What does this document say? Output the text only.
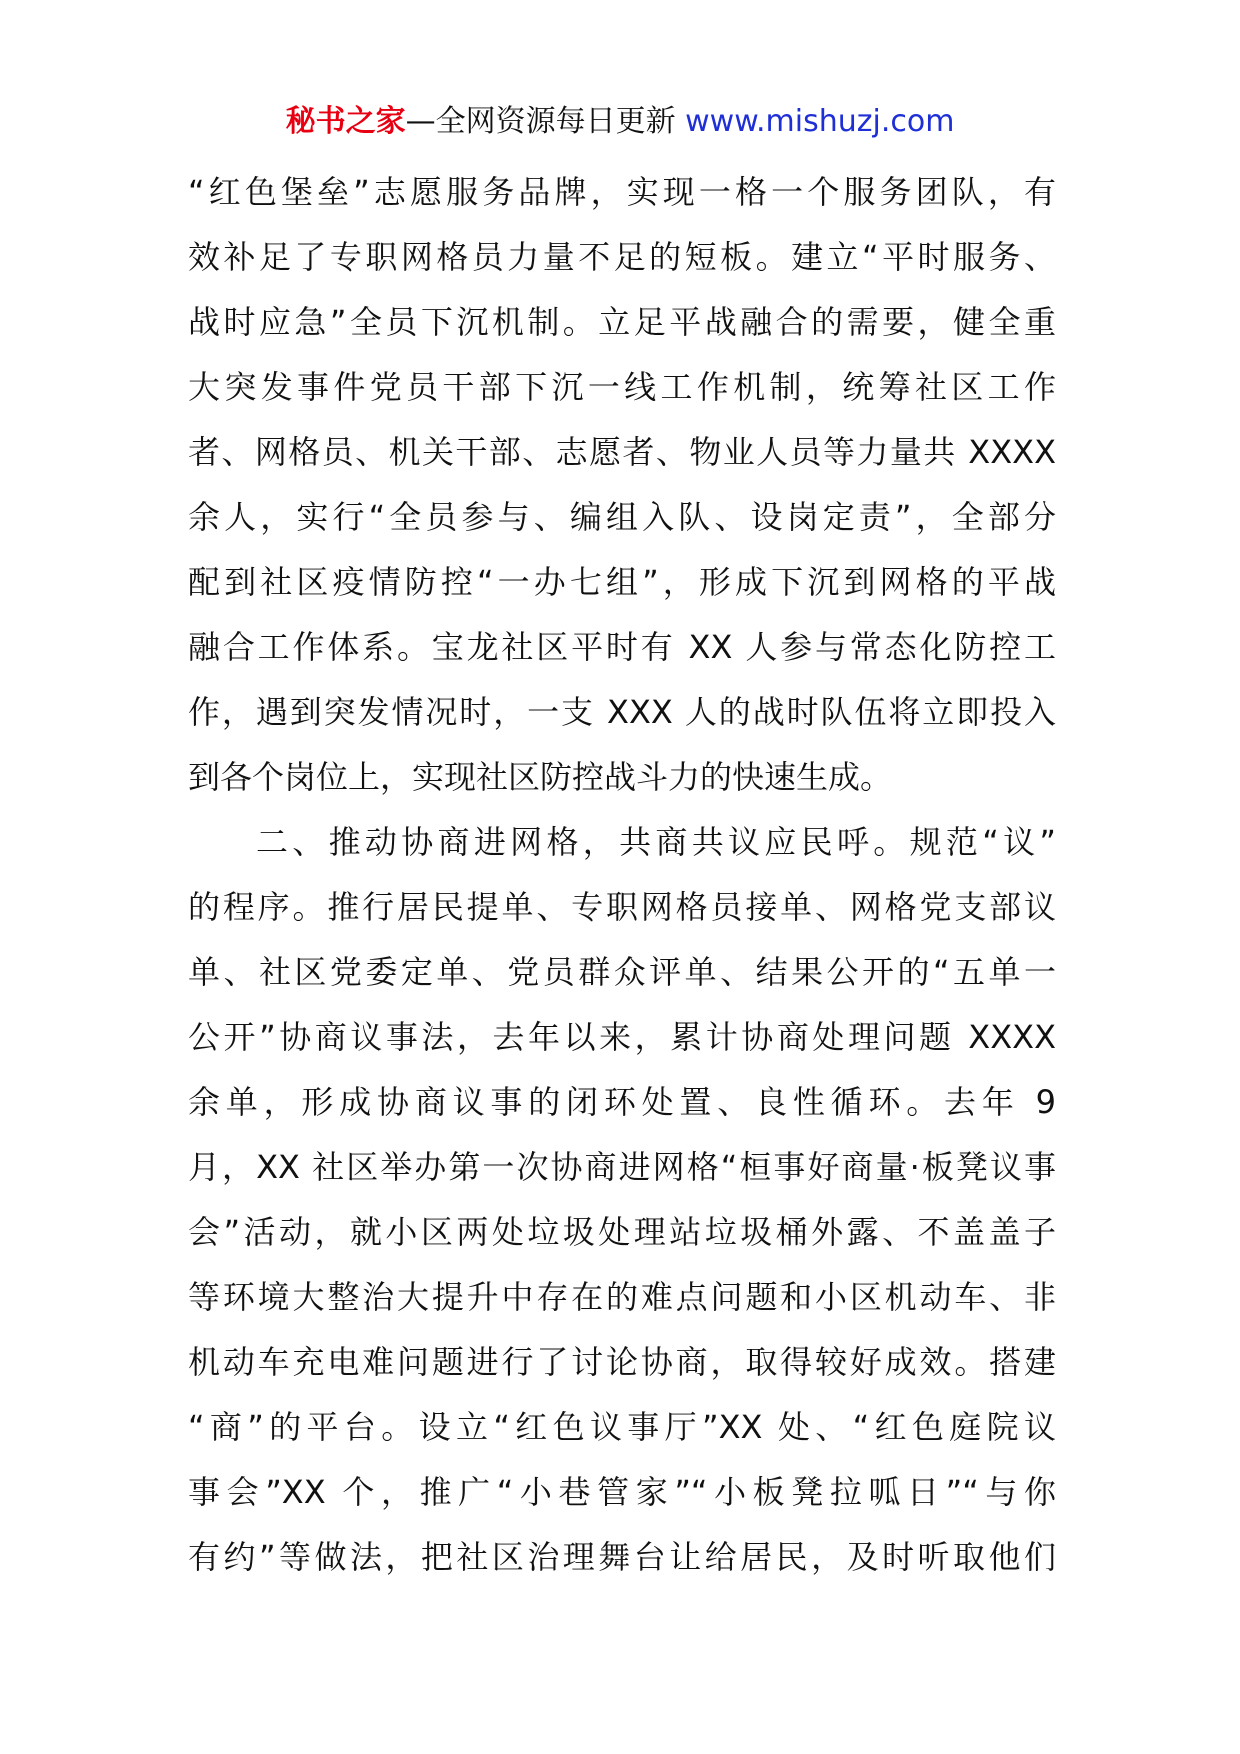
秘书之家—全网资源每日更新 www.mishuzj.com
“红色堡垒”志愿服务品牌，实现一格一个服务团队，有
效补足了专职网格员力量不足的短板。建立“平时服务、
战时应急”全员下沉机制。立足平战融合的需要，健全重
大突发事件党员干部下沉一线工作机制，统筹社区工作
者、网格员、机关干部、志愿者、物业人员等力量共 XXXX
余人，实行“全员参与、编组入队、设岗定责”，全部分
配到社区疫情防控“一办七组”，形成下沉到网格的平战
融合工作体系。宝龙社区平时有 XX 人参与常态化防控工
作，遇到突发情况时，一支 XXX 人的战时队伍将立即投入
到各个岗位上，实现社区防控战斗力的快速生成。
二、推动协商进网格，共商共议应民呼。规范“议”
的程序。推行居民提单、专职网格员接单、网格党支部议
单、社区党委定单、党员群众评单、结果公开的“五单一
公开”协商议事法，去年以来，累计协商处理问题 XXXX
余单，形成协商议事的闭环处置、良性循环。去年 9
月，XX 社区举办第一次协商进网格“桓事好商量·板凳议事
会”活动，就小区两处垃圾处理站垃圾桶外露、不盖盖子
等环境大整治大提升中存在的难点问题和小区机动车、非
机动车充电难问题进行了讨论协商，取得较好成效。搭建
“商”的平台。设立“红色议事厅”XX 处、“红色庭院议
事会”XX 个，推广“小巷管家”“小板凳拉呱日”“与你
有约”等做法，把社区治理舞台让给居民，及时听取他们
